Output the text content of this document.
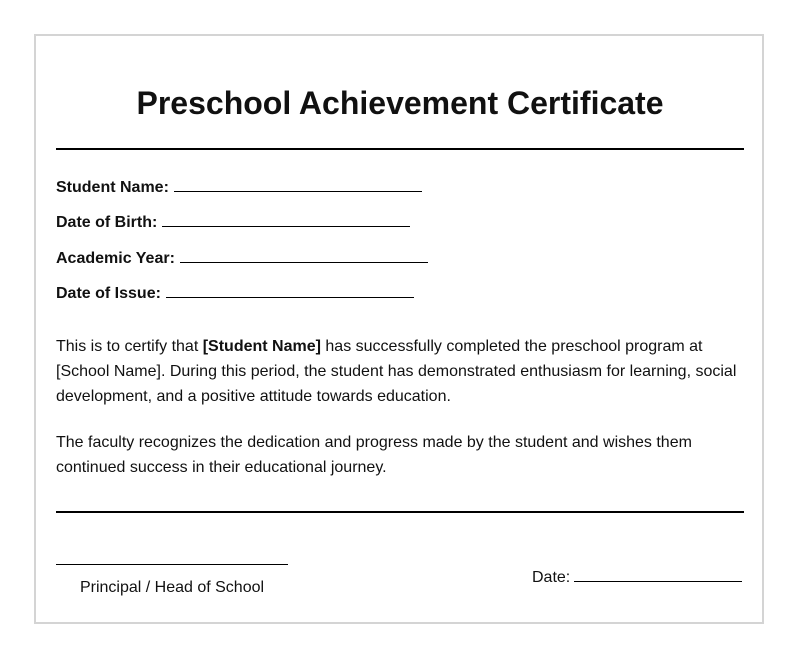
Preschool Achievement Certificate
Student Name:
Date of Birth:
Academic Year:
Date of Issue:

This is to certify that [Student Name] has successfully completed the preschool program at [School Name]. During this period, the student has demonstrated enthusiasm for learning, social development, and a positive attitude towards education.

The faculty recognizes the dedication and progress made by the student and wishes them continued success in their educational journey.

Principal / Head of School
Date:
